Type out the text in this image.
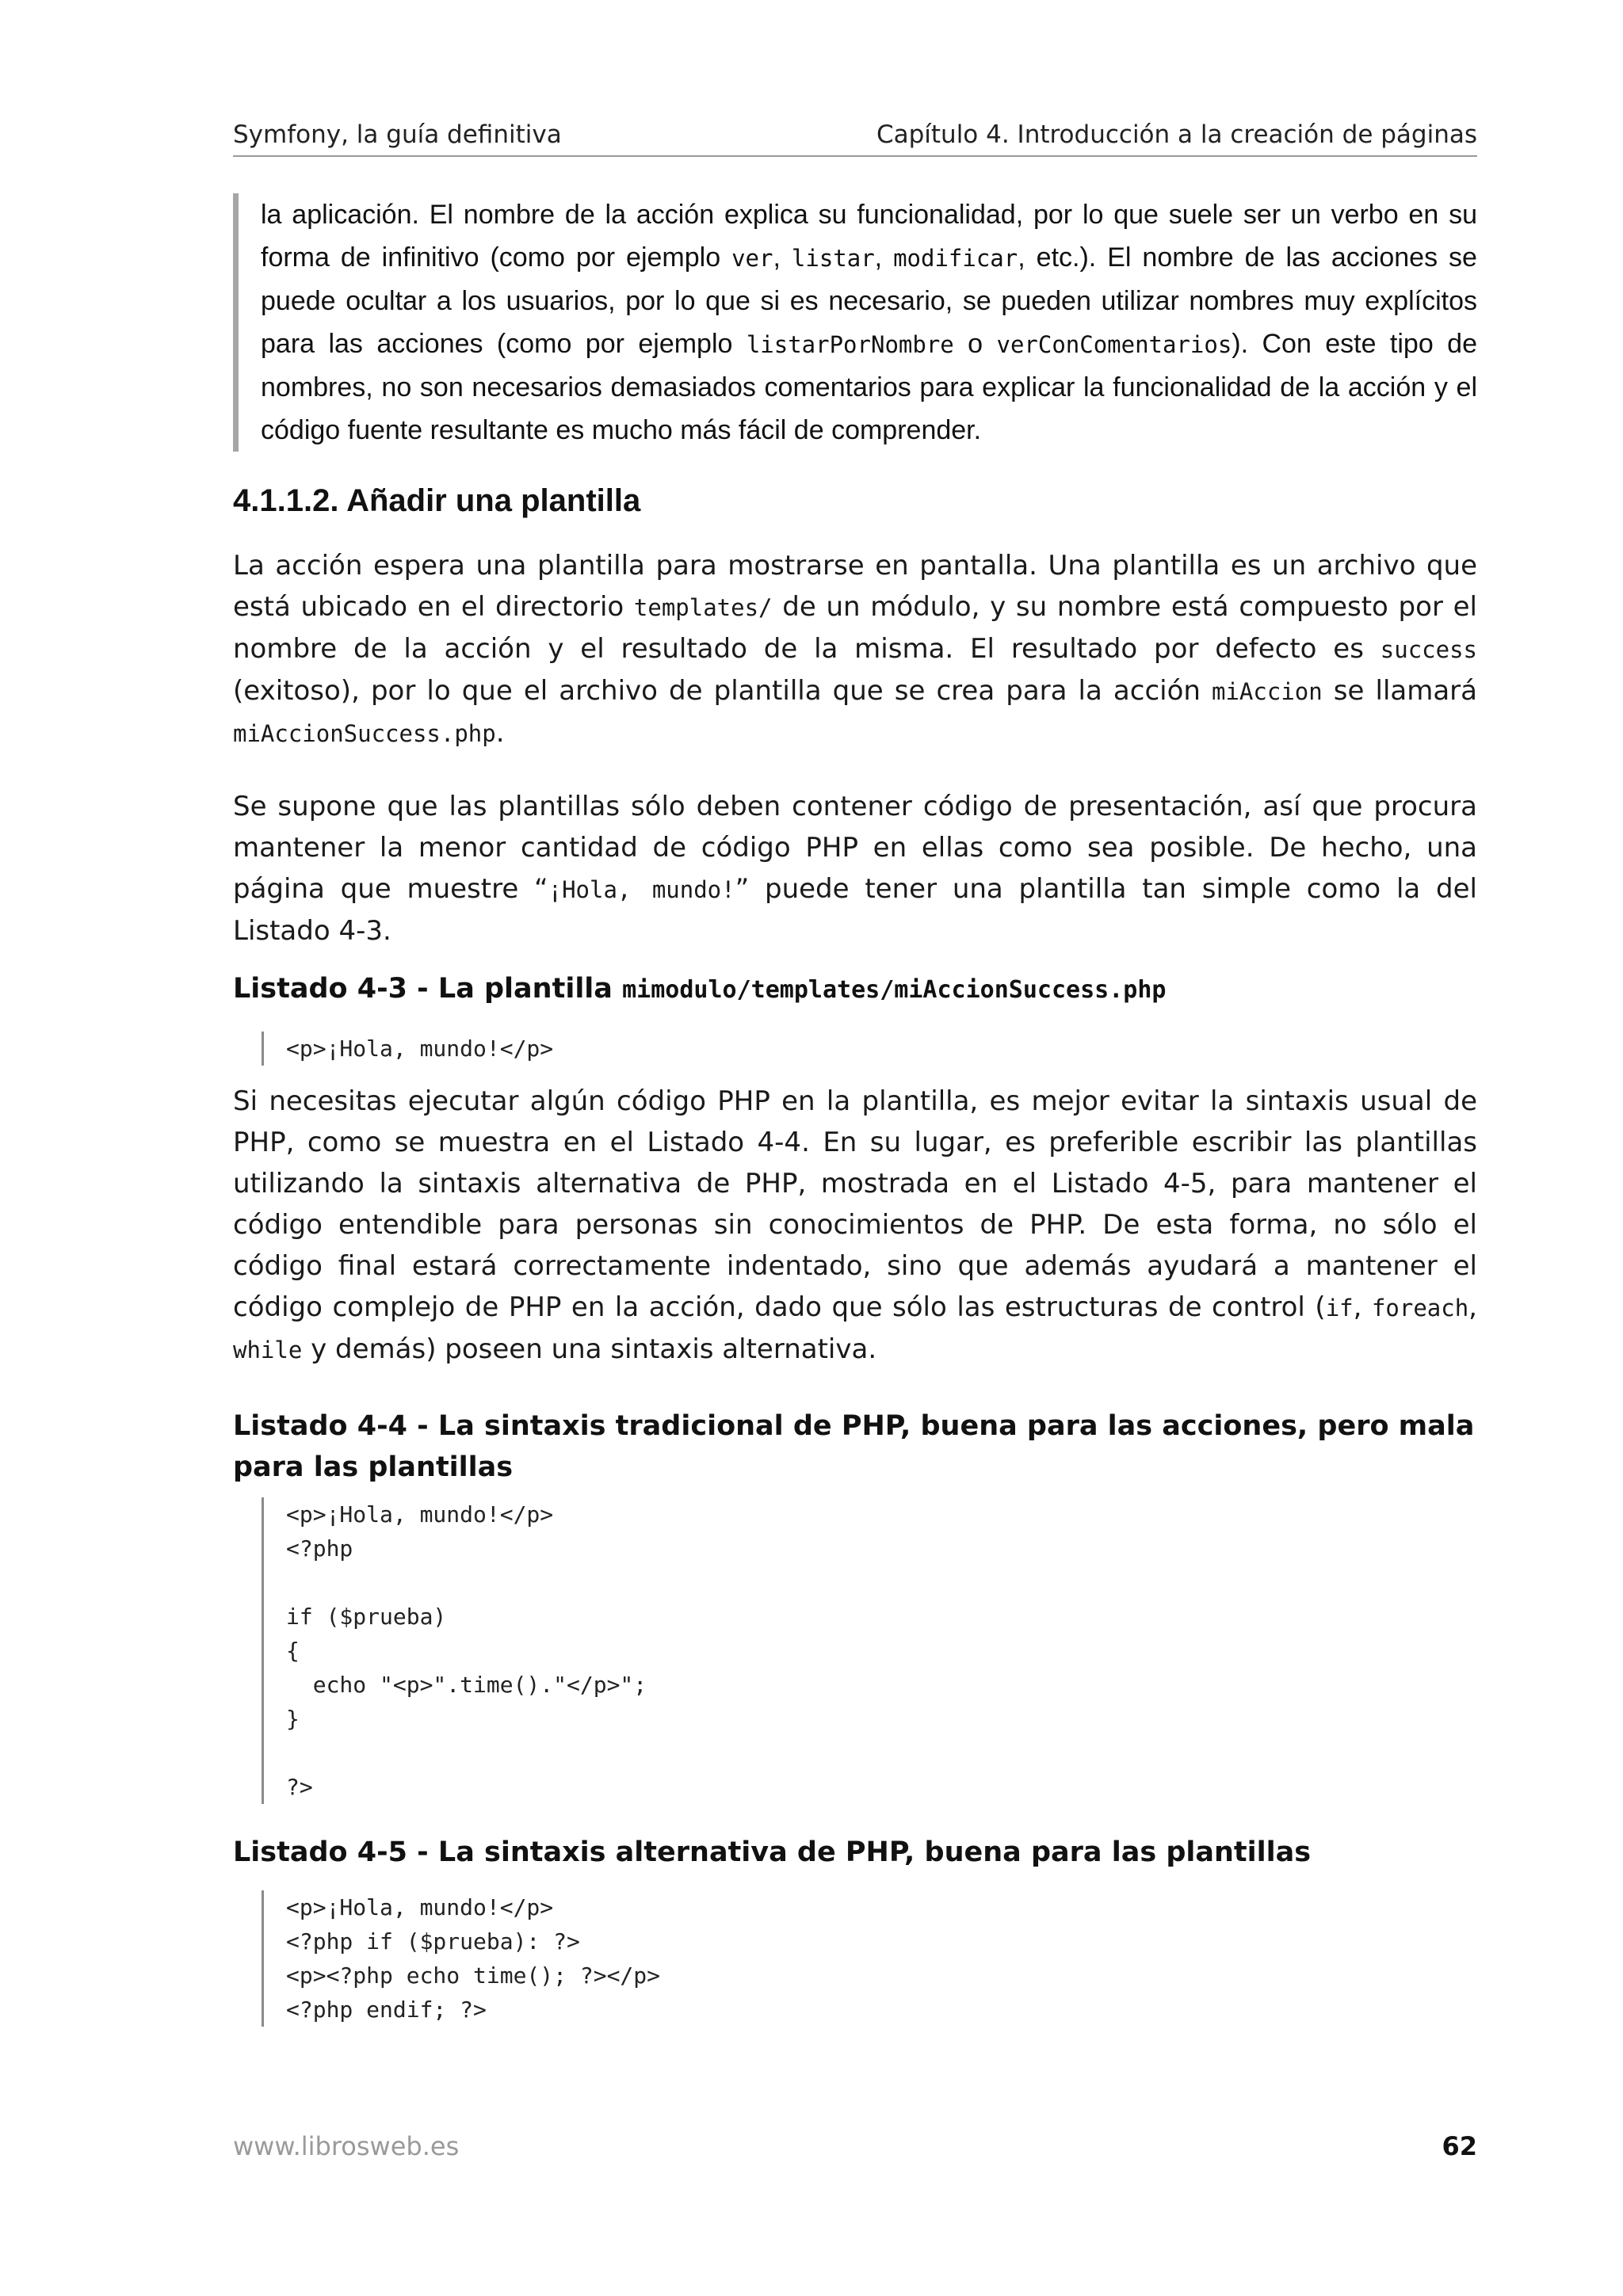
Symfony, la guía definitiva	Capítulo 4. Introducción a la creación de páginas
la aplicación. El nombre de la acción explica su funcionalidad, por lo que suele ser un verbo en su forma de infinitivo (como por ejemplo ver, listar, modificar, etc.). El nombre de las acciones se puede ocultar a los usuarios, por lo que si es necesario, se pueden utilizar nombres muy explícitos para las acciones (como por ejemplo listarPorNombre o verConComentarios). Con este tipo de nombres, no son necesarios demasiados comentarios para explicar la funcionalidad de la acción y el código fuente resultante es mucho más fácil de comprender.
4.1.1.2. Añadir una plantilla
La acción espera una plantilla para mostrarse en pantalla. Una plantilla es un archivo que está ubicado en el directorio templates/ de un módulo, y su nombre está compuesto por el nombre de la acción y el resultado de la misma. El resultado por defecto es success (exitoso), por lo que el archivo de plantilla que se crea para la acción miAccion se llamará miAccionSuccess.php.
Se supone que las plantillas sólo deben contener código de presentación, así que procura mantener la menor cantidad de código PHP en ellas como sea posible. De hecho, una página que muestre “¡Hola, mundo!” puede tener una plantilla tan simple como la del Listado 4-3.
Listado 4-3 - La plantilla mimodulo/templates/miAccionSuccess.php
<p>¡Hola, mundo!</p>
Si necesitas ejecutar algún código PHP en la plantilla, es mejor evitar la sintaxis usual de PHP, como se muestra en el Listado 4-4. En su lugar, es preferible escribir las plantillas utilizando la sintaxis alternativa de PHP, mostrada en el Listado 4-5, para mantener el código entendible para personas sin conocimientos de PHP. De esta forma, no sólo el código final estará correctamente indentado, sino que además ayudará a mantener el código complejo de PHP en la acción, dado que sólo las estructuras de control (if, foreach, while y demás) poseen una sintaxis alternativa.
Listado 4-4 - La sintaxis tradicional de PHP, buena para las acciones, pero mala para las plantillas
<p>¡Hola, mundo!</p>
<?php

if ($prueba)
{
echo "<p>".time()."</p>";
}

?>
Listado 4-5 - La sintaxis alternativa de PHP, buena para las plantillas
<p>¡Hola, mundo!</p>
<?php if ($prueba): ?>
<p><?php echo time(); ?></p>
<?php endif; ?>
www.librosweb.es	62
